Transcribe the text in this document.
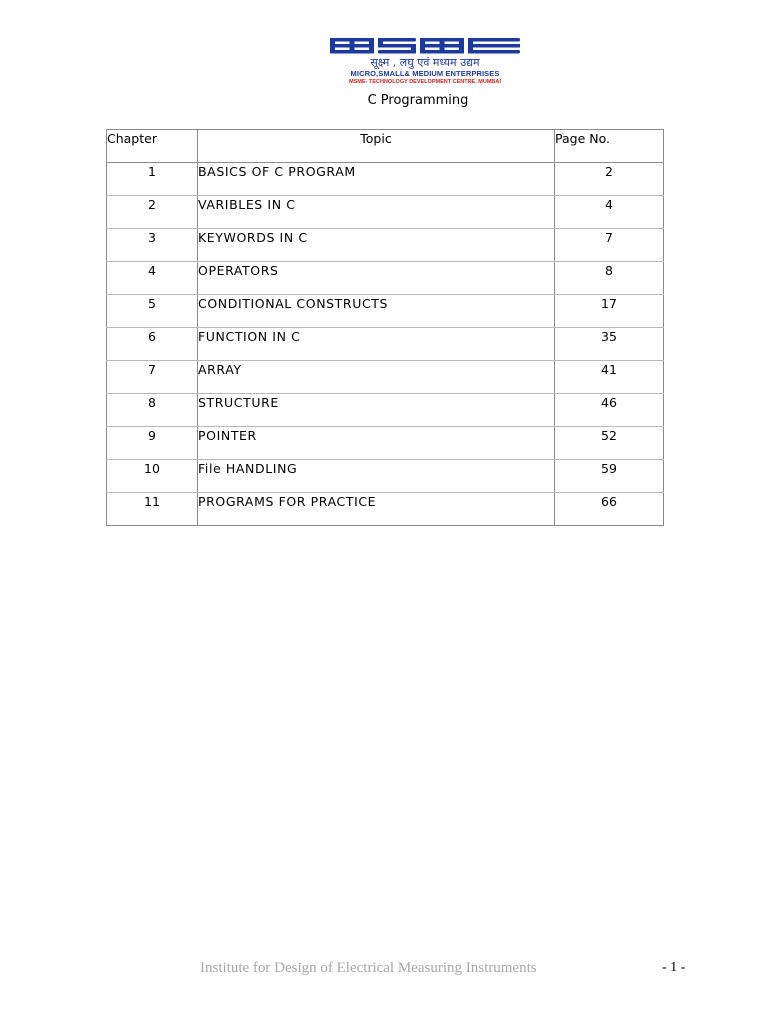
सूक्ष्म , लघु एवं मध्यम उद्यम
MICRO,SMALL& MEDIUM ENTERPRISES
MSME- TECHNOLOGY DEVELOPMENT CENTRE, MUMBAI
C Programming
Chapter	Topic	Page No.
1	BASICS OF C PROGRAM	2
2	VARIBLES IN C	4
3	KEYWORDS IN C	7
4	OPERATORS	8
5	CONDITIONAL CONSTRUCTS	17
6	FUNCTION IN C	35
7	ARRAY	41
8	STRUCTURE	46
9	POINTER	52
10	File HANDLING	59
11	PROGRAMS FOR PRACTICE	66
Institute for Design of Electrical Measuring Instruments	- 1 -
